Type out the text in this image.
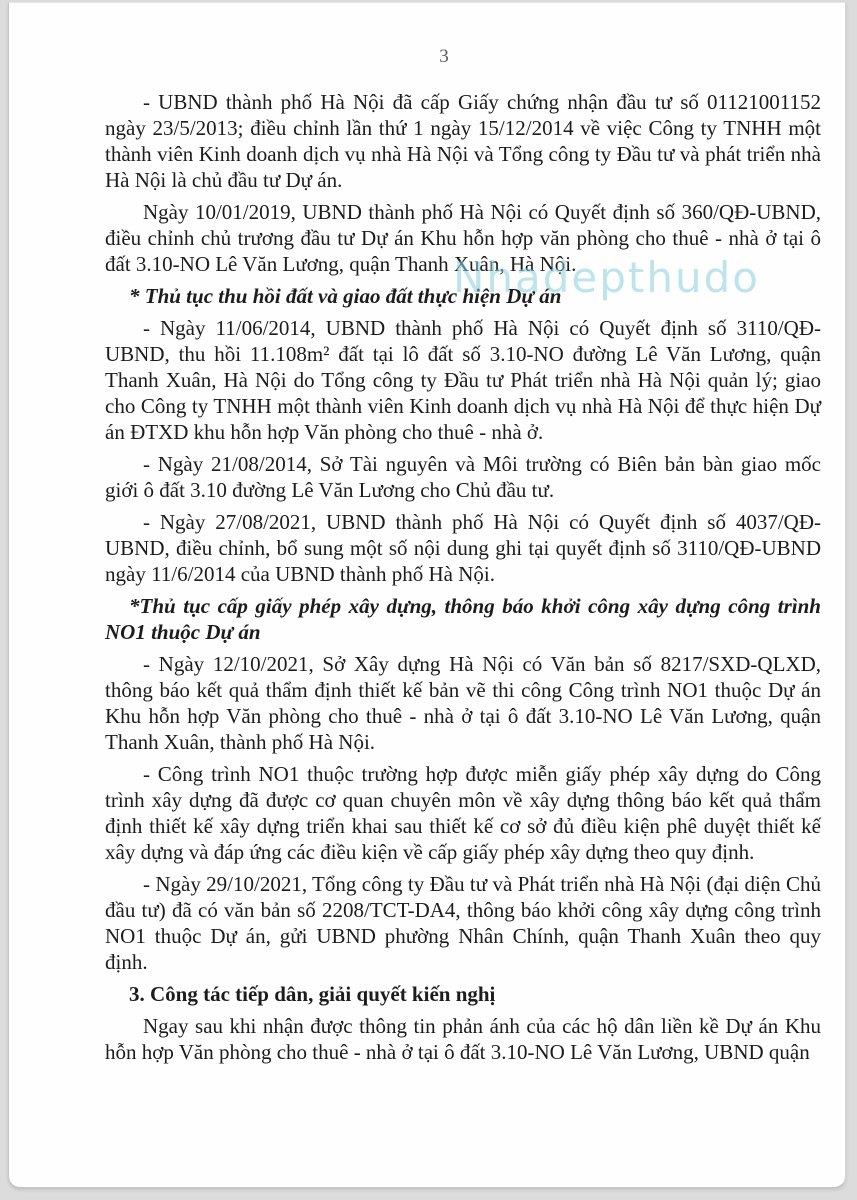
3

- UBND thành phố Hà Nội đã cấp Giấy chứng nhận đầu tư số 01121001152 ngày 23/5/2013; điều chỉnh lần thứ 1 ngày 15/12/2014 về việc Công ty TNHH một thành viên Kinh doanh dịch vụ nhà Hà Nội và Tổng công ty Đầu tư và phát triển nhà Hà Nội là chủ đầu tư Dự án.

Ngày 10/01/2019, UBND thành phố Hà Nội có Quyết định số 360/QĐ-UBND, điều chỉnh chủ trương đầu tư Dự án Khu hỗn hợp văn phòng cho thuê - nhà ở tại ô đất 3.10-NO Lê Văn Lương, quận Thanh Xuân, Hà Nội.

* Thủ tục thu hồi đất và giao đất thực hiện Dự án

- Ngày 11/06/2014, UBND thành phố Hà Nội có Quyết định số 3110/QĐ-UBND, thu hồi 11.108m² đất tại lô đất số 3.10-NO đường Lê Văn Lương, quận Thanh Xuân, Hà Nội do Tổng công ty Đầu tư Phát triển nhà Hà Nội quản lý; giao cho Công ty TNHH một thành viên Kinh doanh dịch vụ nhà Hà Nội để thực hiện Dự án ĐTXD khu hỗn hợp Văn phòng cho thuê - nhà ở.

- Ngày 21/08/2014, Sở Tài nguyên và Môi trường có Biên bản bàn giao mốc giới ô đất 3.10 đường Lê Văn Lương cho Chủ đầu tư.

- Ngày 27/08/2021, UBND thành phố Hà Nội có Quyết định số 4037/QĐ-UBND, điều chỉnh, bổ sung một số nội dung ghi tại quyết định số 3110/QĐ-UBND ngày 11/6/2014 của UBND thành phố Hà Nội.

*Thủ tục cấp giấy phép xây dựng, thông báo khởi công xây dựng công trình NO1 thuộc Dự án

- Ngày 12/10/2021, Sở Xây dựng Hà Nội có Văn bản số 8217/SXD-QLXD, thông báo kết quả thẩm định thiết kế bản vẽ thi công Công trình NO1 thuộc Dự án Khu hỗn hợp Văn phòng cho thuê - nhà ở tại ô đất 3.10-NO Lê Văn Lương, quận Thanh Xuân, thành phố Hà Nội.

- Công trình NO1 thuộc trường hợp được miễn giấy phép xây dựng do Công trình xây dựng đã được cơ quan chuyên môn về xây dựng thông báo kết quả thẩm định thiết kế xây dựng triển khai sau thiết kế cơ sở đủ điều kiện phê duyệt thiết kế xây dựng và đáp ứng các điều kiện về cấp giấy phép xây dựng theo quy định.

- Ngày 29/10/2021, Tổng công ty Đầu tư và Phát triển nhà Hà Nội (đại diện Chủ đầu tư) đã có văn bản số 2208/TCT-DA4, thông báo khởi công xây dựng công trình NO1 thuộc Dự án, gửi UBND phường Nhân Chính, quận Thanh Xuân theo quy định.

3. Công tác tiếp dân, giải quyết kiến nghị

Ngay sau khi nhận được thông tin phản ánh của các hộ dân liền kề Dự án Khu hỗn hợp Văn phòng cho thuê - nhà ở tại ô đất 3.10-NO Lê Văn Lương, UBND quận

Nhadepthudo
